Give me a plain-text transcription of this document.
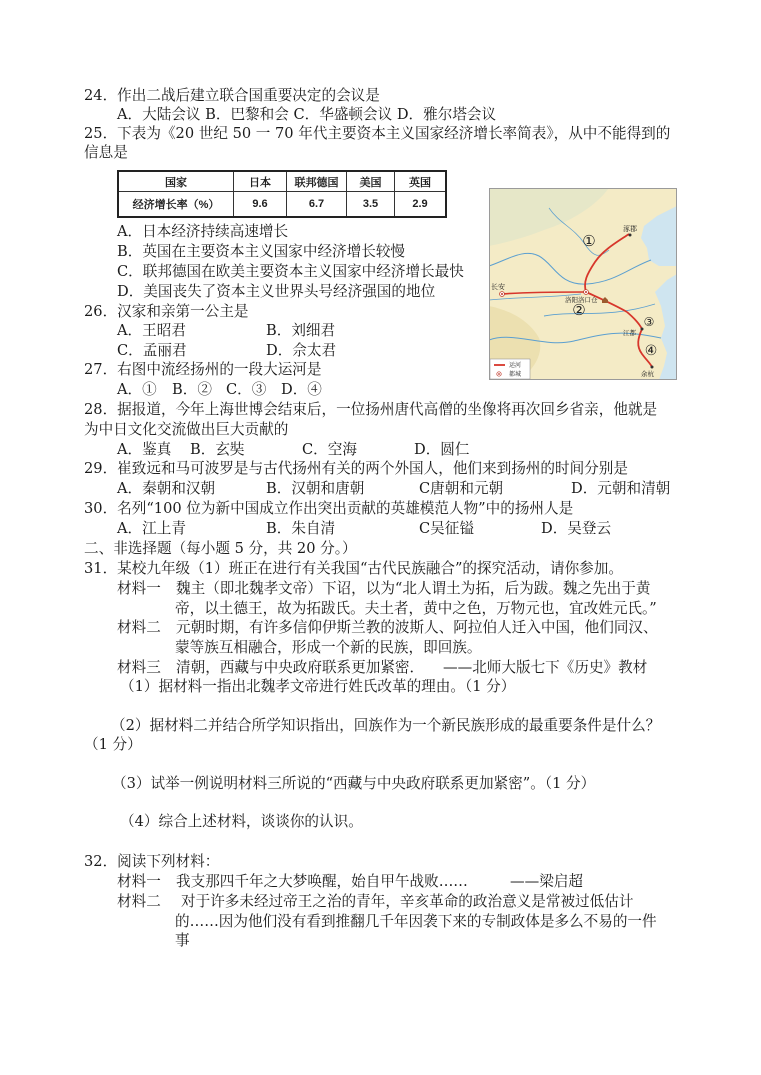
24．作出二战后建立联合国重要决定的会议是
A．大陆会议 B．巴黎和会 C．华盛顿会议 D．雅尔塔会议
25．下表为《20 世纪 50 一 70 年代主要资本主义国家经济增长率简表》，从中不能得到的
信息是
国家	日本	联邦德国	美国	英国
经济增长率（%）	9.6	6.7	3.5	2.9
A．日本经济持续高速增长
B．英国在主要资本主义国家中经济增长较慢
C．联邦德国在欧美主要资本主义国家中经济增长最快
D．美国丧失了资本主义世界头号经济强国的地位
26．汉家和亲第一公主是
A．王昭君	B．刘细君
C．孟丽君	D．佘太君
27．右图中流经扬州的一段大运河是
A．① B．② C．③ D．④
28．据报道，今年上海世博会结束后，一位扬州唐代高僧的坐像将再次回乡省亲，他就是
为中日文化交流做出巨大贡献的
A．鉴真 B．玄奘	C．空海	D．圆仁
29．崔致远和马可波罗是与古代扬州有关的两个外国人，他们来到扬州的时间分别是
A．秦朝和汉朝	B．汉朝和唐朝	C唐朝和元朝	D．元朝和清朝
30．名列“100 位为新中国成立作出突出贡献的英雄模范人物”中的扬州人是
A．江上青	B．朱自清	C吴征镒	D．吴登云
二、非选择题（每小题 5 分，共 20 分。）
31．某校九年级（1）班正在进行有关我国“古代民族融合”的探究活动，请你参加。
材料一 魏主（即北魏孝文帝）下诏，以为“北人谓土为拓，后为跋。魏之先出于黄
帝，以土德王，故为拓跋氏。夫土者，黄中之色，万物元也，宜改姓元氏。”
材料二 元朝时期，有许多信仰伊斯兰教的波斯人、阿拉伯人迁入中国，他们同汉、
蒙等族互相融合，形成一个新的民族，即回族。
材料三 清朝，西藏与中央政府联系更加紧密． ——北师大版七下《历史》教材
（1）据材料一指出北魏孝文帝进行姓氏改革的理由。（1 分）
（2）据材料二并结合所学知识指出，回族作为一个新民族形成的最重要条件是什么？
（1 分）
（3）试举一例说明材料三所说的“西藏与中央政府联系更加紧密”。（1 分）
（4）综合上述材料，谈谈你的认识。
32．阅读下列材料：
材料一 我支那四千年之大梦唤醒，始自甲午战败……	——梁启超
材料二 对于许多未经过帝王之治的青年，辛亥革命的政治意义是常被过低估计
的……因为他们没有看到推翻几千年因袭下来的专制政体是多么不易的一件
事
涿郡
长安
洛阳洛口仓
江都
余杭
①
②
③
④
运河
都城
